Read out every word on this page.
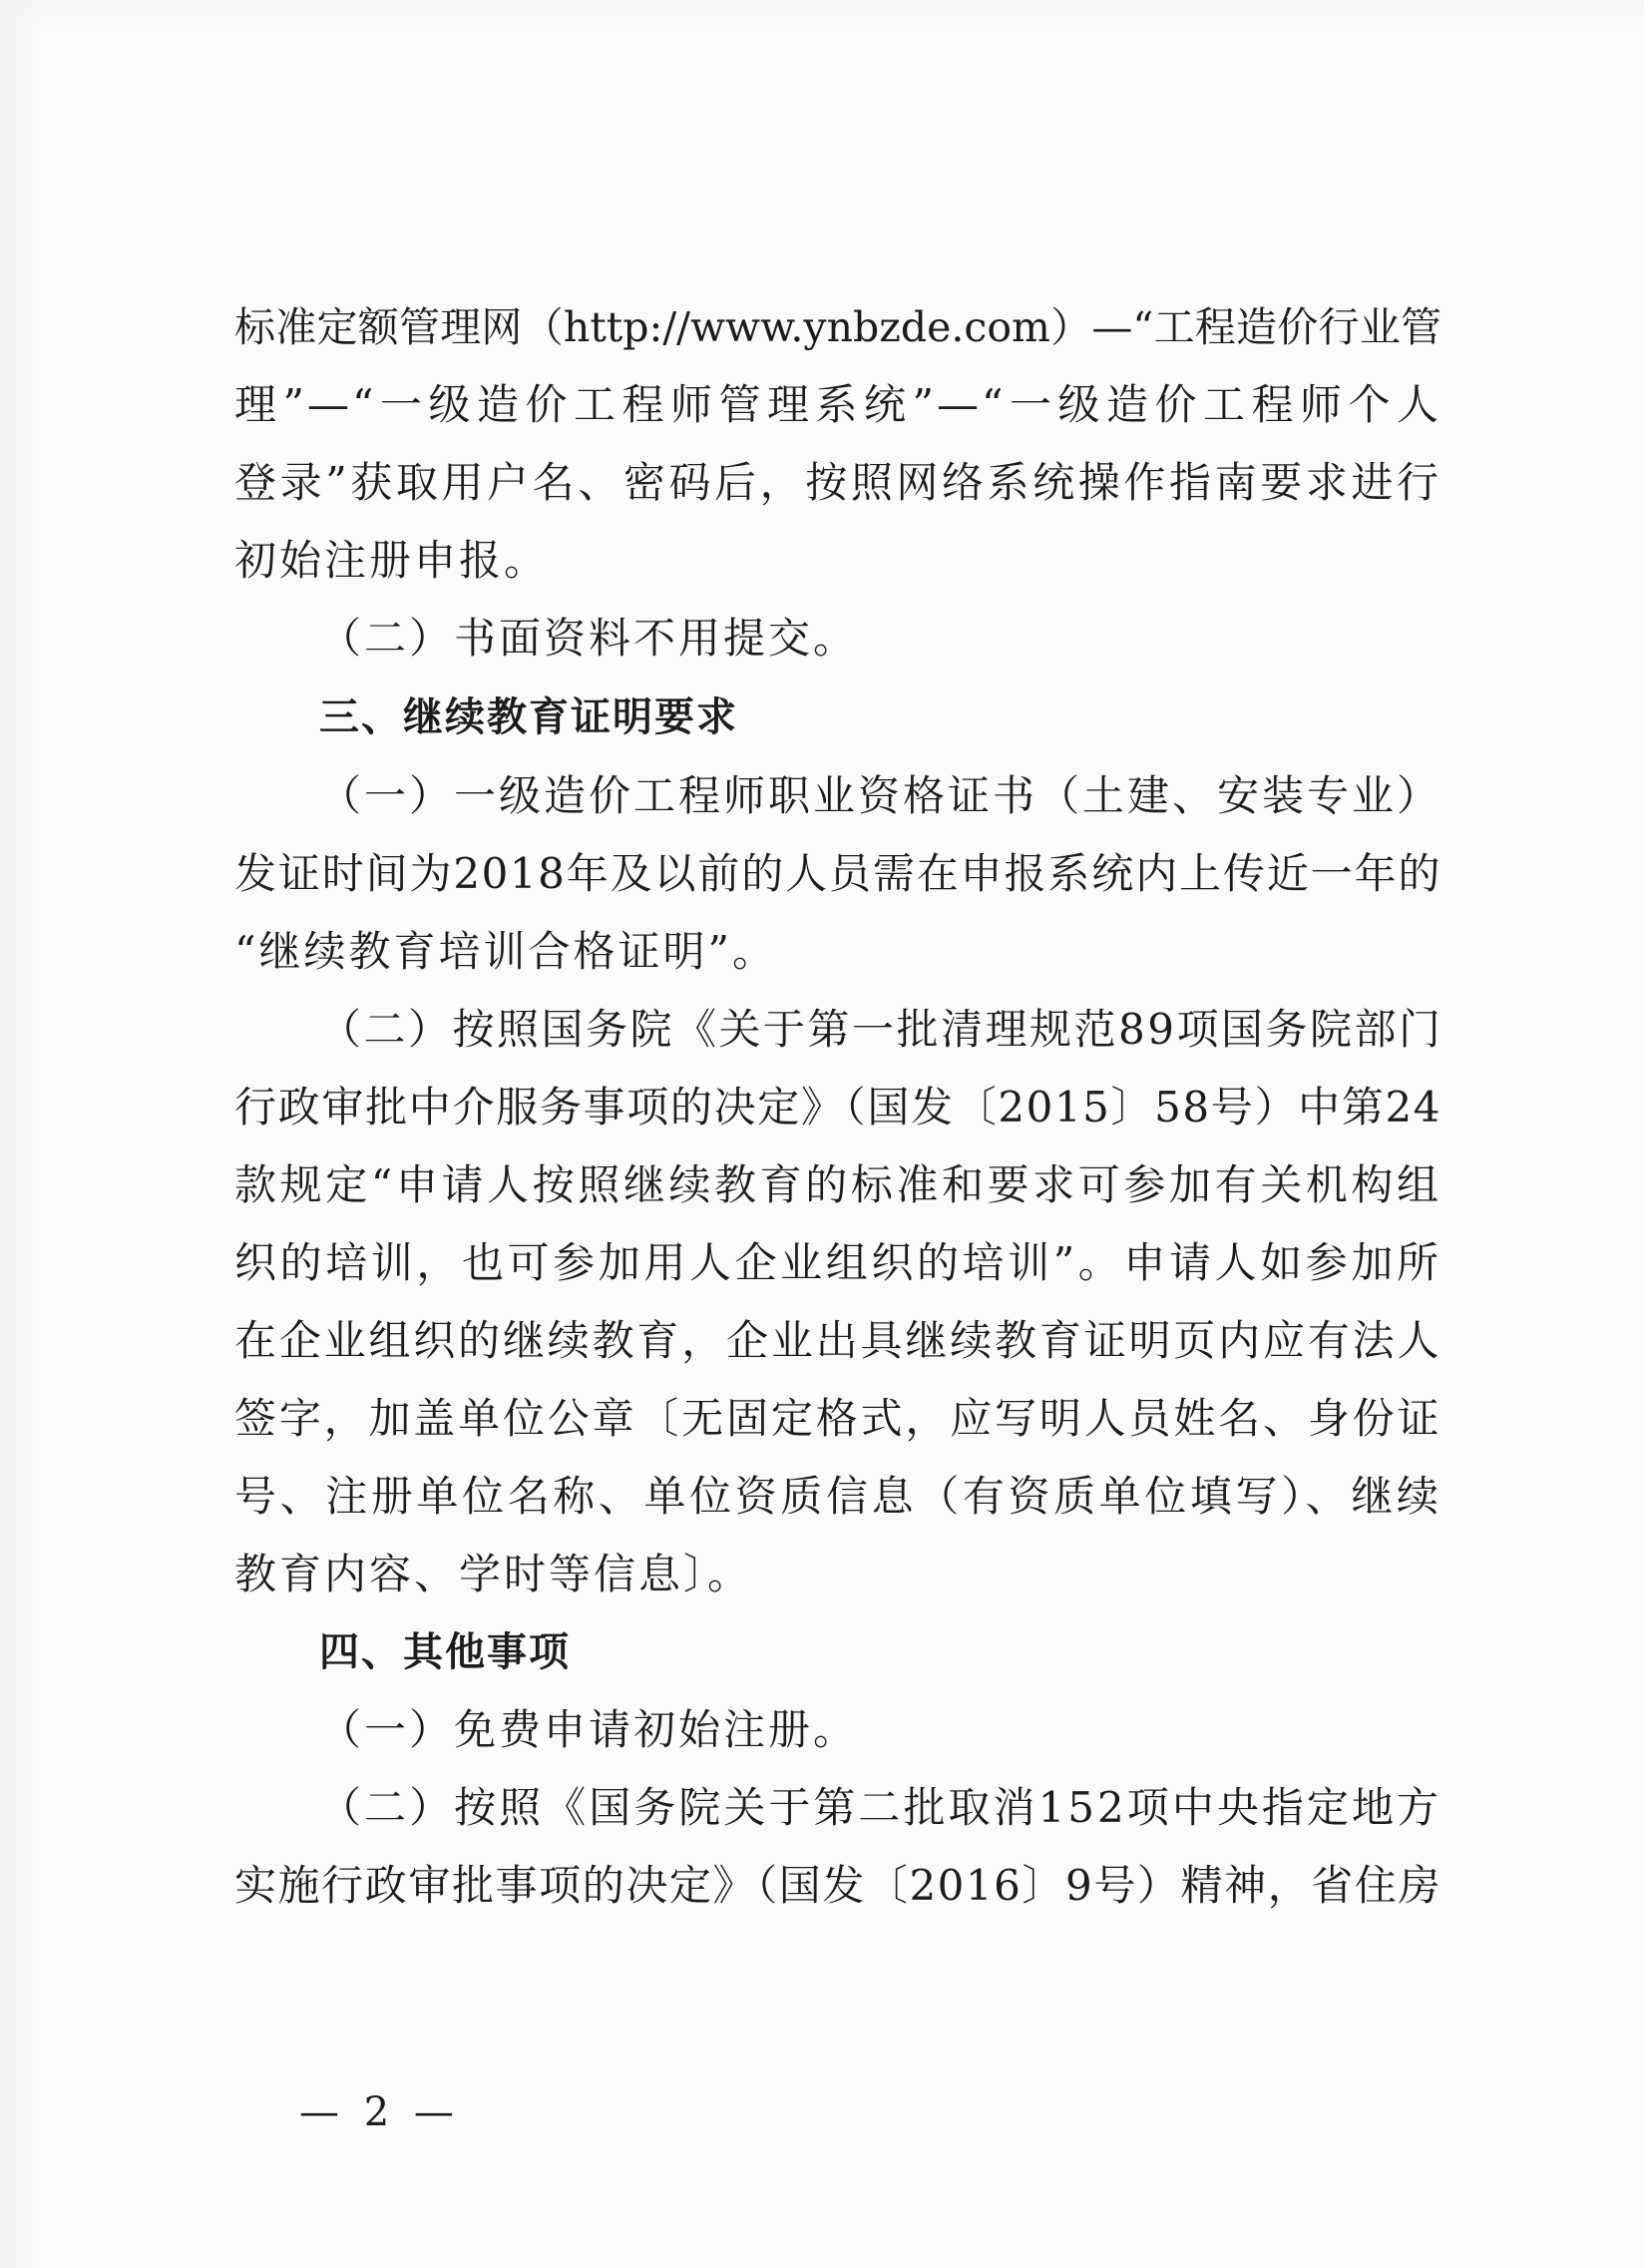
标准定额管理网（http://www.ynbzde.com）—“工程造价行业管
理”—“一级造价工程师管理系统”—“一级造价工程师个人
登录”获取用户名、密码后，按照网络系统操作指南要求进行
初始注册申报。
（二）书面资料不用提交。
三、继续教育证明要求
（一）一级造价工程师职业资格证书（土建、安装专业）
发证时间为2018年及以前的人员需在申报系统内上传近一年的
“继续教育培训合格证明”。
（二）按照国务院《关于第一批清理规范89项国务院部门
行政审批中介服务事项的决定》（国发〔2015〕58号）中第24
款规定“申请人按照继续教育的标准和要求可参加有关机构组
织的培训，也可参加用人企业组织的培训”。申请人如参加所
在企业组织的继续教育，企业出具继续教育证明页内应有法人
签字，加盖单位公章〔无固定格式，应写明人员姓名、身份证
号、注册单位名称、单位资质信息（有资质单位填写）、继续
教育内容、学时等信息〕。
四、其他事项
（一）免费申请初始注册。
（二）按照《国务院关于第二批取消152项中央指定地方
实施行政审批事项的决定》（国发〔2016〕9号）精神，省住房
— 2 —
